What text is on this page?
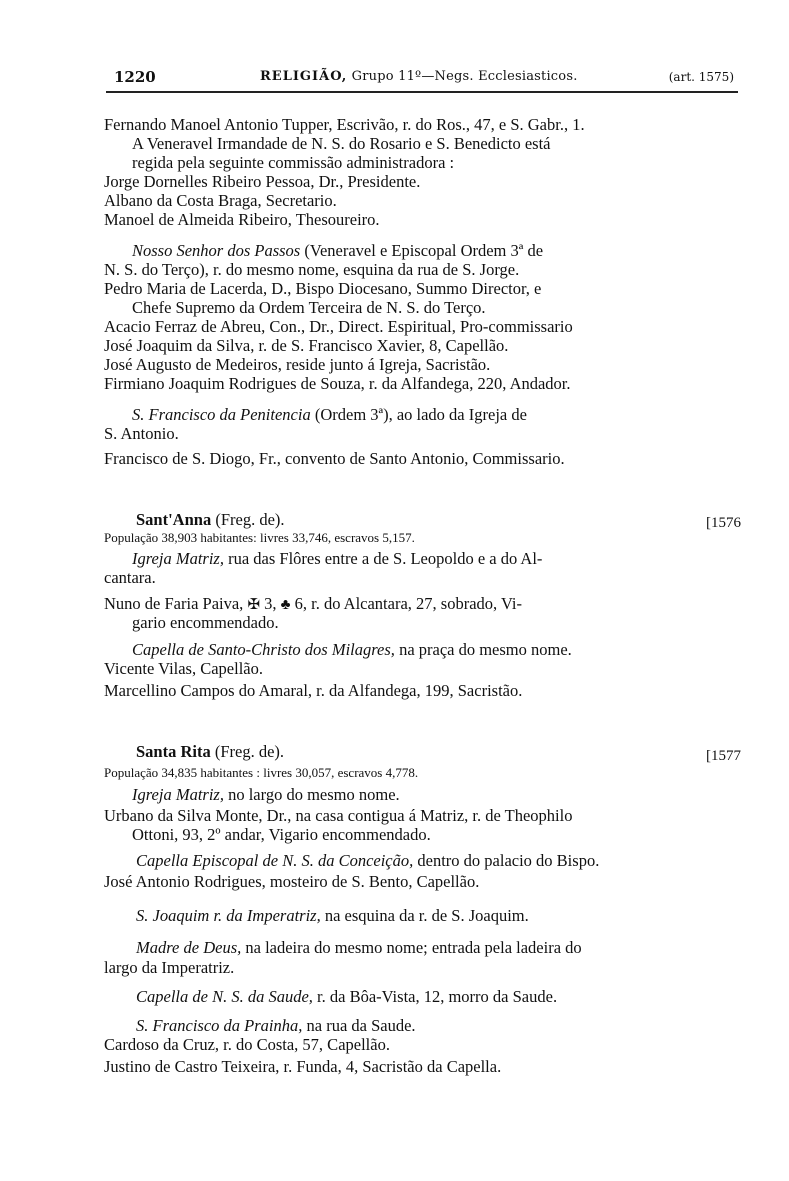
1220	RELIGIÃO, Grupo 11º—Negs. Ecclesiasticos.	(art. 1575)
Fernando Manoel Antonio Tupper, Escrivão, r. do Ros., 47, e S. Gabr., 1.
A Veneravel Irmandade de N. S. do Rosario e S. Benedicto está
regida pela seguinte commissão administradora :
Jorge Dornelles Ribeiro Pessoa, Dr., Presidente.
Albano da Costa Braga, Secretario.
Manoel de Almeida Ribeiro, Thesoureiro.
Nosso Senhor dos Passos (Veneravel e Episcopal Ordem 3ª de
N. S. do Terço), r. do mesmo nome, esquina da rua de S. Jorge.
Pedro Maria de Lacerda, D., Bispo Diocesano, Summo Director, e
Chefe Supremo da Ordem Terceira de N. S. do Terço.
Acacio Ferraz de Abreu, Con., Dr., Direct. Espiritual, Pro-commissario
José Joaquim da Silva, r. de S. Francisco Xavier, 8, Capellão.
José Augusto de Medeiros, reside junto á Igreja, Sacristão.
Firmiano Joaquim Rodrigues de Souza, r. da Alfandega, 220, Andador.
S. Francisco da Penitencia (Ordem 3ª), ao lado da Igreja de
S. Antonio.
Francisco de S. Diogo, Fr., convento de Santo Antonio, Commissario.
Sant'Anna (Freg. de).	[1576
População 38,903 habitantes: livres 33,746, escravos 5,157.
Igreja Matriz, rua das Flôres entre a de S. Leopoldo e a do Al-
cantara.
Nuno de Faria Paiva, ✠ 3, ♣ 6, r. do Alcantara, 27, sobrado, Vi-
gario encommendado.
Capella de Santo-Christo dos Milagres, na praça do mesmo nome.
Vicente Vilas, Capellão.
Marcellino Campos do Amaral, r. da Alfandega, 199, Sacristão.
Santa Rita (Freg. de).	[1577
População 34,835 habitantes : livres 30,057, escravos 4,778.
Igreja Matriz, no largo do mesmo nome.
Urbano da Silva Monte, Dr., na casa contigua á Matriz, r. de Theophilo
Ottoni, 93, 2º andar, Vigario encommendado.
Capella Episcopal de N. S. da Conceição, dentro do palacio do Bispo.
José Antonio Rodrigues, mosteiro de S. Bento, Capellão.
S. Joaquim r. da Imperatriz, na esquina da r. de S. Joaquim.
Madre de Deus, na ladeira do mesmo nome; entrada pela ladeira do
largo da Imperatriz.
Capella de N. S. da Saude, r. da Bôa-Vista, 12, morro da Saude.
S. Francisco da Prainha, na rua da Saude.
Cardoso da Cruz, r. do Costa, 57, Capellão.
Justino de Castro Teixeira, r. Funda, 4, Sacristão da Capella.
